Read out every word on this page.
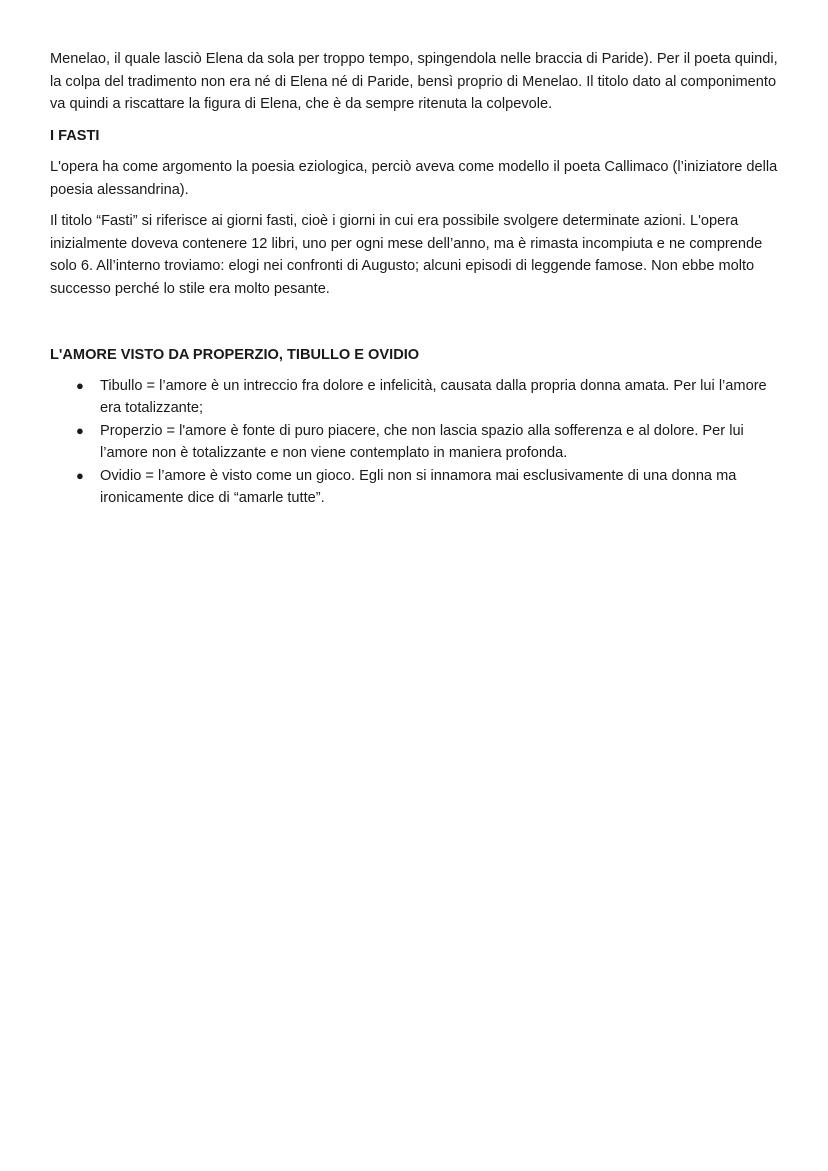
Menelao, il quale lasciò Elena da sola per troppo tempo, spingendola nelle braccia di Paride). Per il poeta quindi, la colpa del tradimento non era né di Elena né di Paride, bensì proprio di Menelao. Il titolo dato al componimento va quindi a riscattare la figura di Elena, che è da sempre ritenuta la colpevole.

I FASTI

L'opera ha come argomento la poesia eziologica, perciò aveva come modello il poeta Callimaco (l’iniziatore della poesia alessandrina).

Il titolo “Fasti” si riferisce ai giorni fasti, cioè i giorni in cui era possibile svolgere determinate azioni. L'opera inizialmente doveva contenere 12 libri, uno per ogni mese dell’anno, ma è rimasta incompiuta e ne comprende solo 6. All’interno troviamo: elogi nei confronti di Augusto; alcuni episodi di leggende famose. Non ebbe molto successo perché lo stile era molto pesante.

L'AMORE VISTO DA PROPERZIO, TIBULLO E OVIDIO

● Tibullo = l’amore è un intreccio fra dolore e infelicità, causata dalla propria donna amata. Per lui l’amore era totalizzante;
● Properzio = l'amore è fonte di puro piacere, che non lascia spazio alla sofferenza e al dolore. Per lui l’amore non è totalizzante e non viene contemplato in maniera profonda.
● Ovidio = l’amore è visto come un gioco. Egli non si innamora mai esclusivamente di una donna ma ironicamente dice di “amarle tutte”.
